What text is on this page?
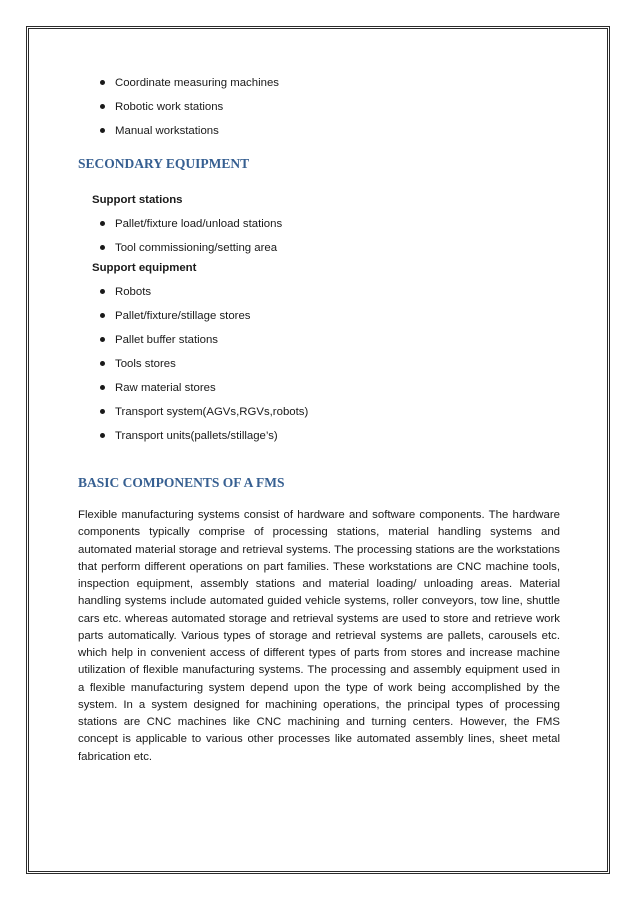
Coordinate measuring machines
Robotic work stations
Manual workstations
SECONDARY EQUIPMENT
Support stations
Pallet/fixture load/unload stations
Tool commissioning/setting area
Support equipment
Robots
Pallet/fixture/stillage stores
Pallet buffer stations
Tools stores
Raw material stores
Transport system(AGVs,RGVs,robots)
Transport units(pallets/stillage’s)
BASIC COMPONENTS OF A FMS

Flexible manufacturing systems consist of hardware and software components. The hardware components typically comprise of processing stations, material handling systems and automated material storage and retrieval systems. The processing stations are the workstations that perform different operations on part families. These workstations are CNC machine tools, inspection equipment, assembly stations and material loading/ unloading areas. Material handling systems include automated guided vehicle systems, roller conveyors, tow line, shuttle cars etc. whereas automated storage and retrieval systems are used to store and retrieve work parts automatically. Various types of storage and retrieval systems are pallets, carousels etc. which help in convenient access of different types of parts from stores and increase machine utilization of flexible manufacturing systems. The processing and assembly equipment used in a flexible manufacturing system depend upon the type of work being accomplished by the system. In a system designed for machining operations, the principal types of processing stations are CNC machines like CNC machining and turning centers. However, the FMS concept is applicable to various other processes like automated assembly lines, sheet metal fabrication etc.
